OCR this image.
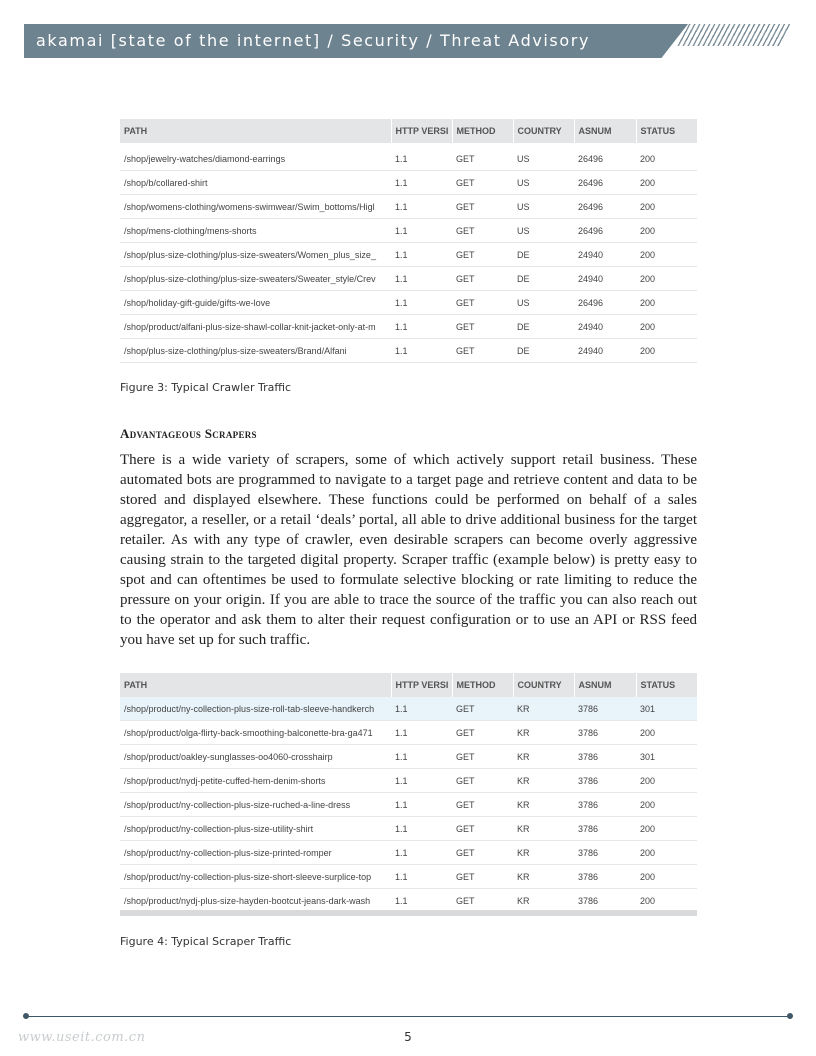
akamai [state of the internet] / Security / Threat Advisory
PATH	HTTP VERSI	METHOD	COUNTRY	ASNUM	STATUS

/shop/jewelry-watches/diamond-earrings	1.1	GET	US	26496	200
/shop/b/collared-shirt	1.1	GET	US	26496	200
/shop/womens-clothing/womens-swimwear/Swim_bottoms/Higl	1.1	GET	US	26496	200
/shop/mens-clothing/mens-shorts	1.1	GET	US	26496	200
/shop/plus-size-clothing/plus-size-sweaters/Women_plus_size_	1.1	GET	DE	24940	200
/shop/plus-size-clothing/plus-size-sweaters/Sweater_style/Crev	1.1	GET	DE	24940	200
/shop/holiday-gift-guide/gifts-we-love	1.1	GET	US	26496	200
/shop/product/alfani-plus-size-shawl-collar-knit-jacket-only-at-m	1.1	GET	DE	24940	200
/shop/plus-size-clothing/plus-size-sweaters/Brand/Alfani	1.1	GET	DE	24940	200
Figure 3: Typical Crawler Traffic
Advantageous Scrapers
There is a wide variety of scrapers, some of which actively support retail business. These automated bots are programmed to navigate to a target page and retrieve content and data to be stored and displayed elsewhere. These functions could be performed on behalf of a sales aggregator, a reseller, or a retail ‘deals’ portal, all able to drive additional business for the target retailer. As with any type of crawler, even desirable scrapers can become overly aggressive causing strain to the targeted digital property. Scraper traffic (example below) is pretty easy to spot and can oftentimes be used to formulate selective blocking or rate limiting to reduce the pressure on your origin. If you are able to trace the source of the traffic you can also reach out to the operator and ask them to alter their request configuration or to use an API or RSS feed you have set up for such traffic.
PATH	HTTP VERSI	METHOD	COUNTRY	ASNUM	STATUS
/shop/product/ny-collection-plus-size-roll-tab-sleeve-handkerch	1.1	GET	KR	3786	301
/shop/product/olga-flirty-back-smoothing-balconette-bra-ga471	1.1	GET	KR	3786	200
/shop/product/oakley-sunglasses-oo4060-crosshairp	1.1	GET	KR	3786	301
/shop/product/nydj-petite-cuffed-hem-denim-shorts	1.1	GET	KR	3786	200
/shop/product/ny-collection-plus-size-ruched-a-line-dress	1.1	GET	KR	3786	200
/shop/product/ny-collection-plus-size-utility-shirt	1.1	GET	KR	3786	200
/shop/product/ny-collection-plus-size-printed-romper	1.1	GET	KR	3786	200
/shop/product/ny-collection-plus-size-short-sleeve-surplice-top	1.1	GET	KR	3786	200
/shop/product/nydj-plus-size-hayden-bootcut-jeans-dark-wash	1.1	GET	KR	3786	200
Figure 4: Typical Scraper Traffic
www.useit.com.cn	5
